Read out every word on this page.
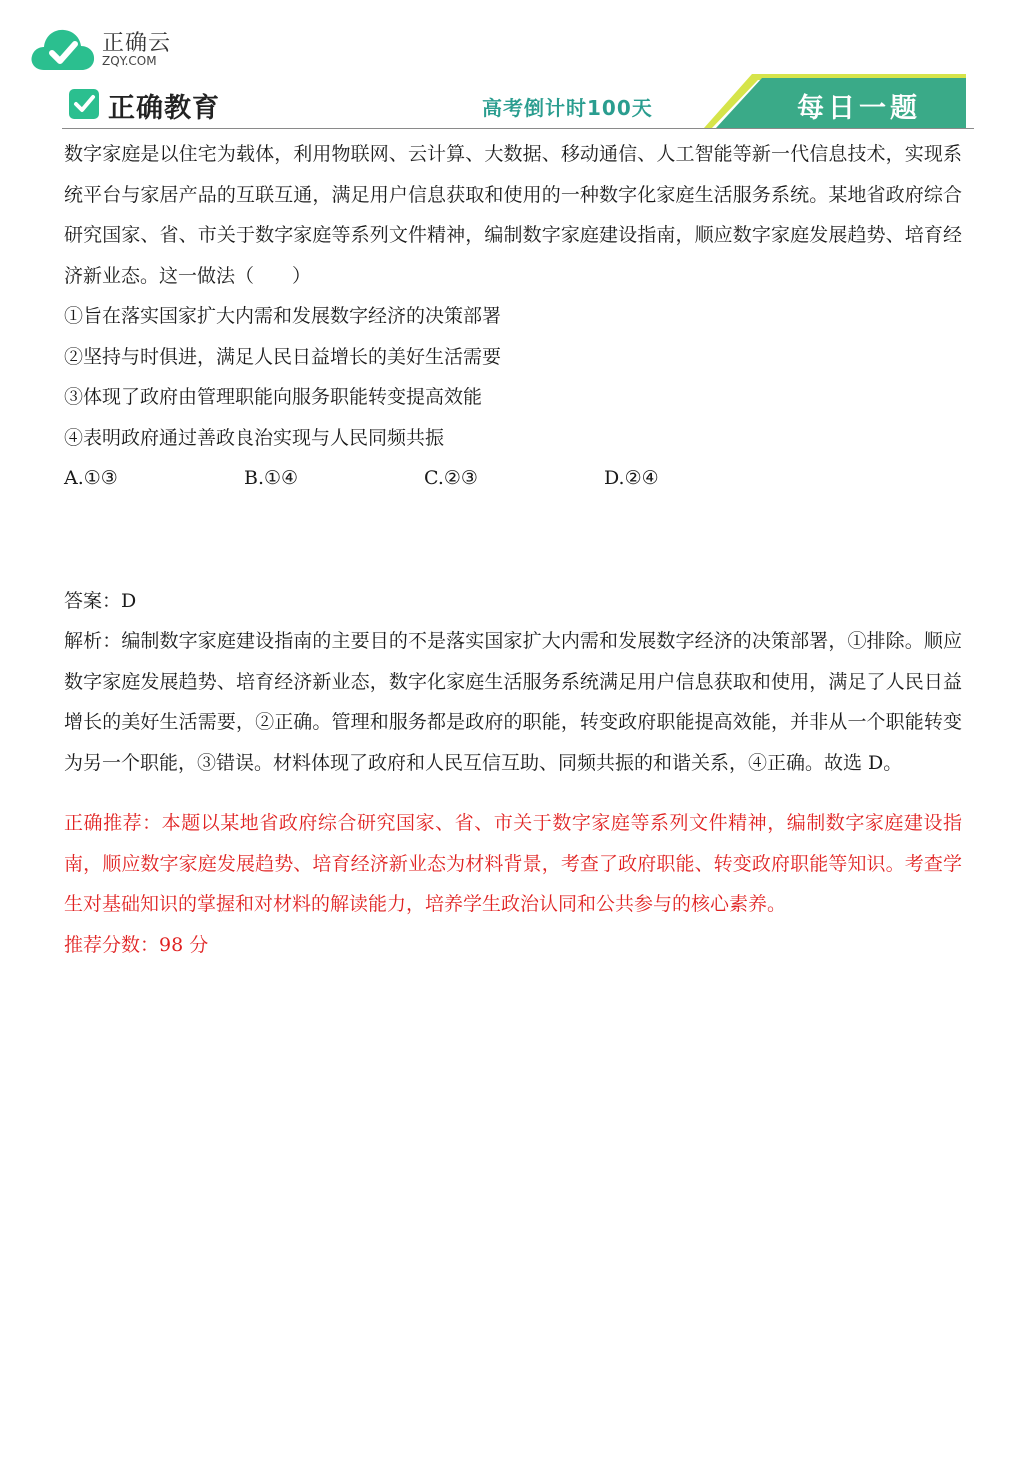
正确云
ZQY.COM
正确教育	高考倒计时100天	每日一题

数字家庭是以住宅为载体，利用物联网、云计算、大数据、移动通信、人工智能等新一代信息技术，实现系统平台与家居产品的互联互通，满足用户信息获取和使用的一种数字化家庭生活服务系统。某地省政府综合研究国家、省、市关于数字家庭等系列文件精神，编制数字家庭建设指南，顺应数字家庭发展趋势、培育经济新业态。这一做法（　　）

①旨在落实国家扩大内需和发展数字经济的决策部署

②坚持与时俱进，满足人民日益增长的美好生活需要

③体现了政府由管理职能向服务职能转变提高效能

④表明政府通过善政良治实现与人民同频共振

A.①③	B.①④	C.②③	D.②④

答案：D

解析：编制数字家庭建设指南的主要目的不是落实国家扩大内需和发展数字经济的决策部署，①排除。顺应数字家庭发展趋势、培育经济新业态，数字化家庭生活服务系统满足用户信息获取和使用，满足了人民日益增长的美好生活需要，②正确。管理和服务都是政府的职能，转变政府职能提高效能，并非从一个职能转变为另一个职能，③错误。材料体现了政府和人民互信互助、同频共振的和谐关系，④正确。故选 D。

正确推荐：本题以某地省政府综合研究国家、省、市关于数字家庭等系列文件精神，编制数字家庭建设指南，顺应数字家庭发展趋势、培育经济新业态为材料背景，考查了政府职能、转变政府职能等知识。考查学生对基础知识的掌握和对材料的解读能力，培养学生政治认同和公共参与的核心素养。

推荐分数：98 分
